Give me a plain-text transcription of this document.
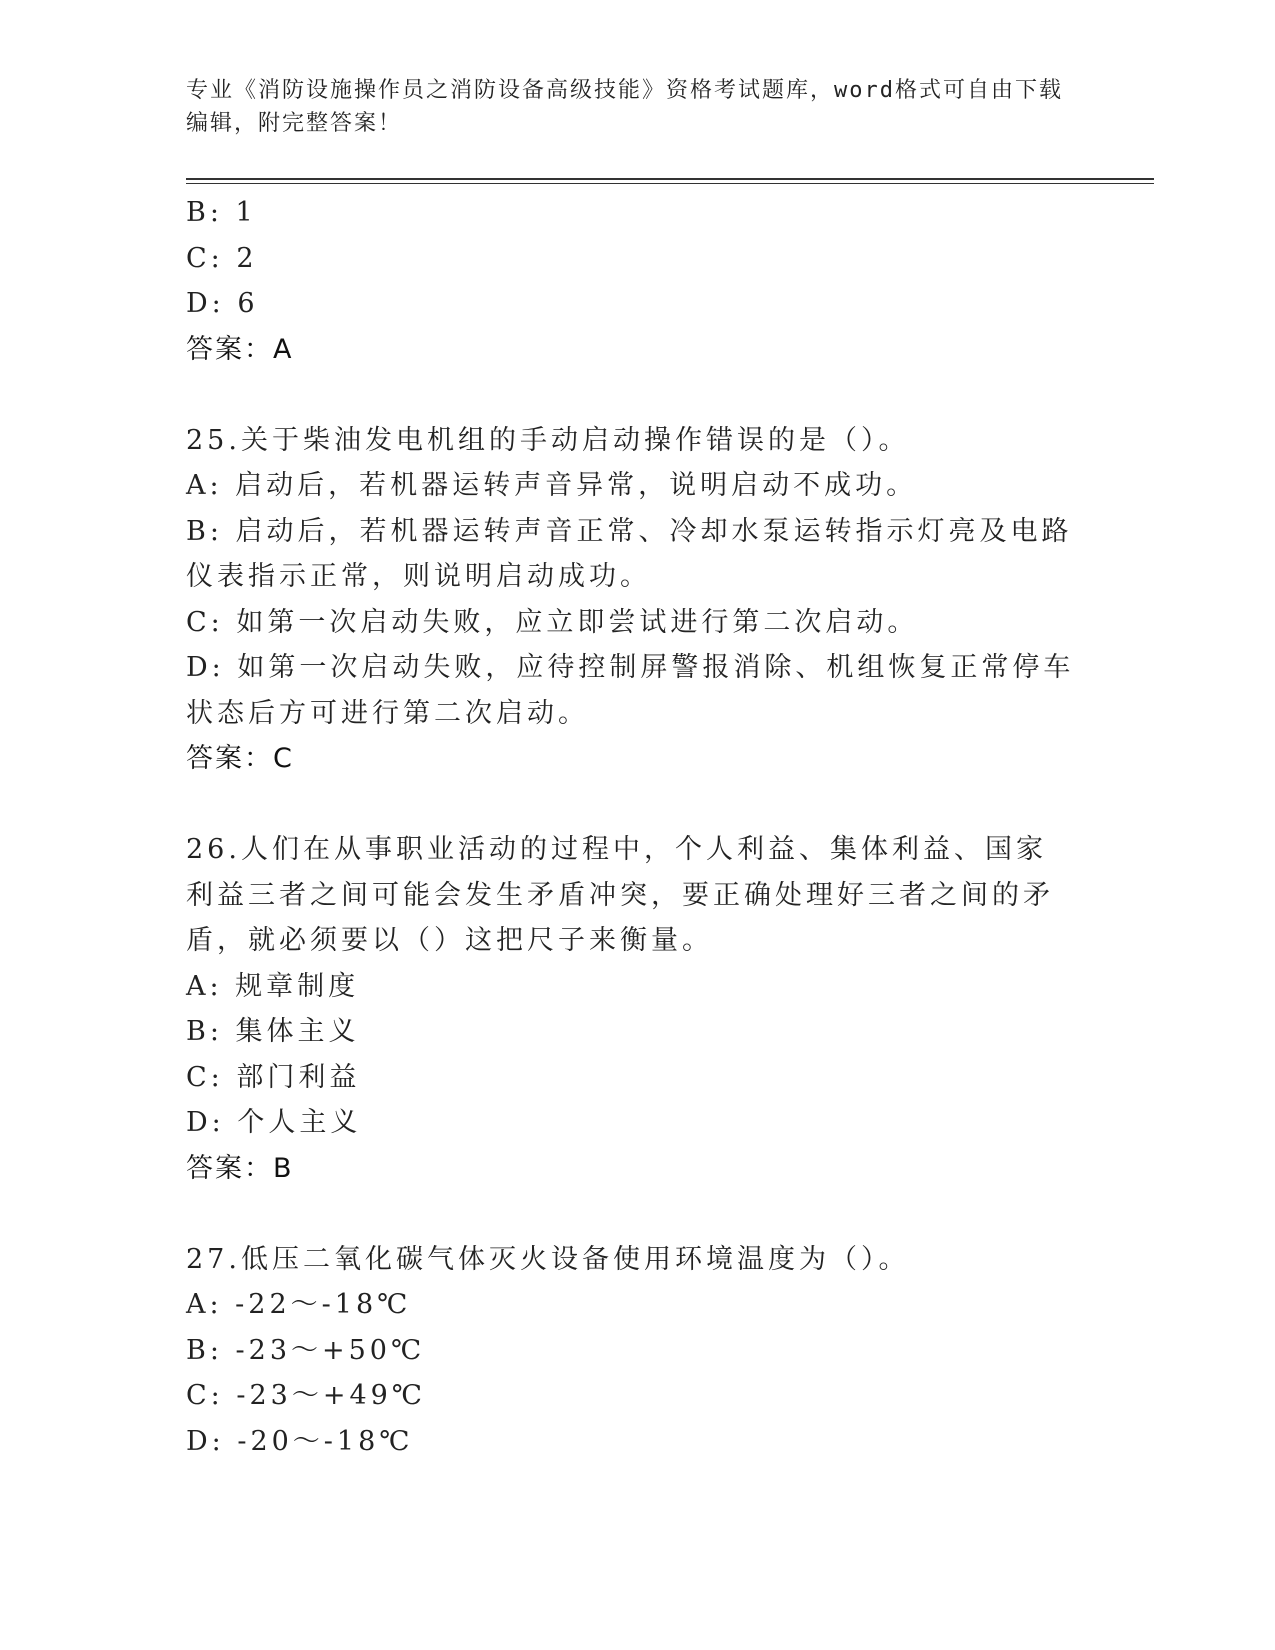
专业《消防设施操作员之消防设备高级技能》资格考试题库，word格式可自由下载编辑，附完整答案！
B: 1
C: 2
D: 6
答案：A
25.关于柴油发电机组的手动启动操作错误的是（）。
A: 启动后，若机器运转声音异常，说明启动不成功。
B: 启动后，若机器运转声音正常、冷却水泵运转指示灯亮及电路仪表指示正常，则说明启动成功。
C: 如第一次启动失败，应立即尝试进行第二次启动。
D: 如第一次启动失败，应待控制屏警报消除、机组恢复正常停车状态后方可进行第二次启动。
答案：C
26.人们在从事职业活动的过程中，个人利益、集体利益、国家利益三者之间可能会发生矛盾冲突，要正确处理好三者之间的矛盾，就必须要以（）这把尺子来衡量。
A: 规章制度
B: 集体主义
C: 部门利益
D: 个人主义
答案：B
27.低压二氧化碳气体灭火设备使用环境温度为（）。
A: -22～-18℃
B: -23～+50℃
C: -23～+49℃
D: -20～-18℃
